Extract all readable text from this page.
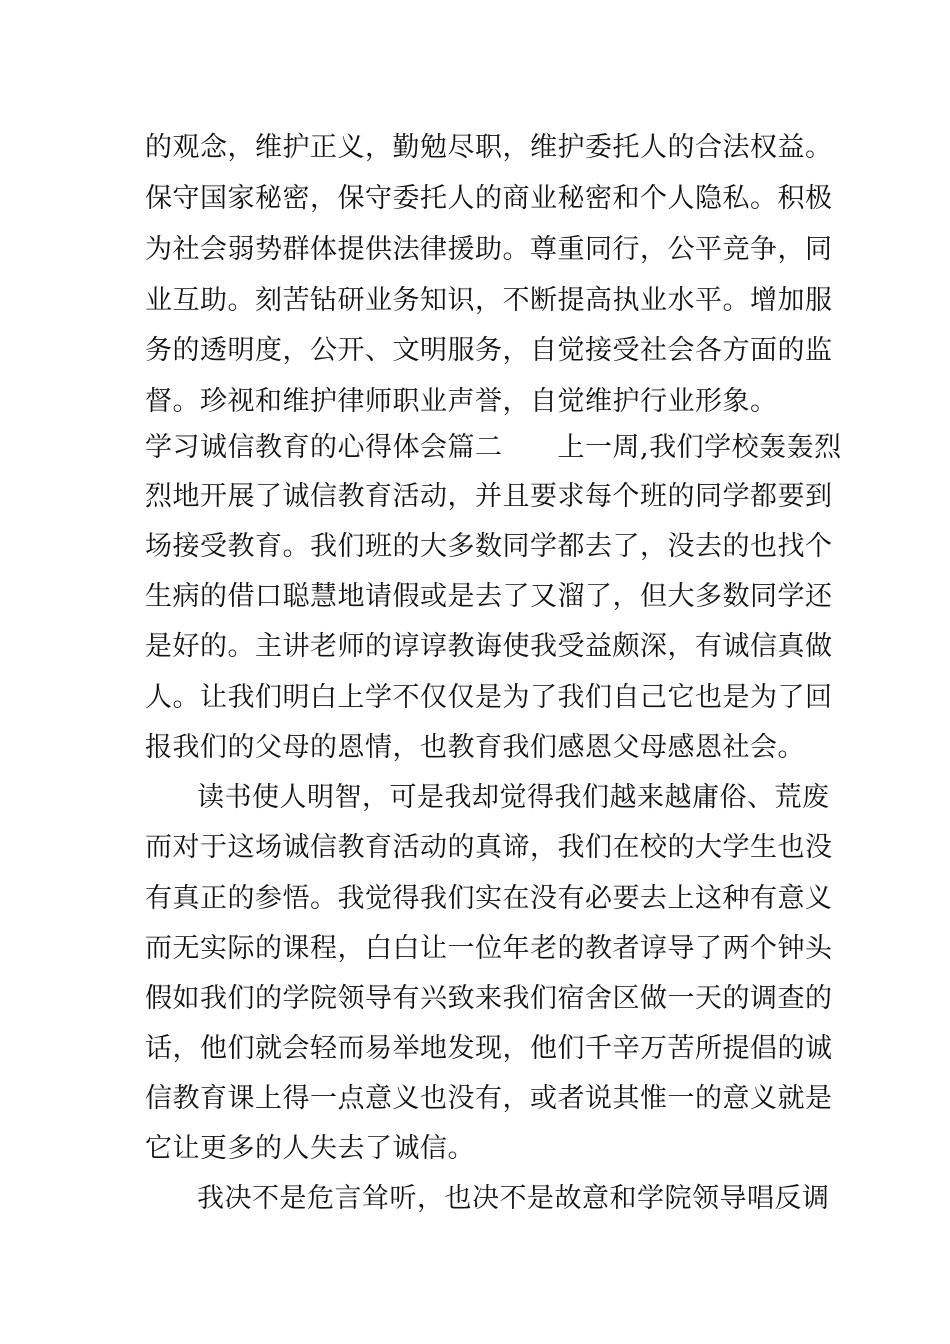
的观念，维护正义，勤勉尽职，维护委托人的合法权益。
保守国家秘密，保守委托人的商业秘密和个人隐私。积极
为社会弱势群体提供法律援助。尊重同行，公平竞争，同
业互助。刻苦钻研业务知识，不断提高执业水平。增加服
务的透明度，公开、文明服务，自觉接受社会各方面的监
督。珍视和维护律师职业声誉，自觉维护行业形象。
学习诚信教育的心得体会篇二　　上一周,我们学校轰轰烈
烈地开展了诚信教育活动，并且要求每个班的同学都要到
场接受教育。我们班的大多数同学都去了，没去的也找个
生病的借口聪慧地请假或是去了又溜了，但大多数同学还
是好的。主讲老师的谆谆教诲使我受益颇深，有诚信真做
人。让我们明白上学不仅仅是为了我们自己它也是为了回
报我们的父母的恩情，也教育我们感恩父母感恩社会。
读书使人明智，可是我却觉得我们越来越庸俗、荒废
而对于这场诚信教育活动的真谛，我们在校的大学生也没
有真正的参悟。我觉得我们实在没有必要去上这种有意义
而无实际的课程，白白让一位年老的教者谆导了两个钟头
假如我们的学院领导有兴致来我们宿舍区做一天的调查的
话，他们就会轻而易举地发现，他们千辛万苦所提倡的诚
信教育课上得一点意义也没有，或者说其惟一的意义就是
它让更多的人失去了诚信。
我决不是危言耸听，也决不是故意和学院领导唱反调
